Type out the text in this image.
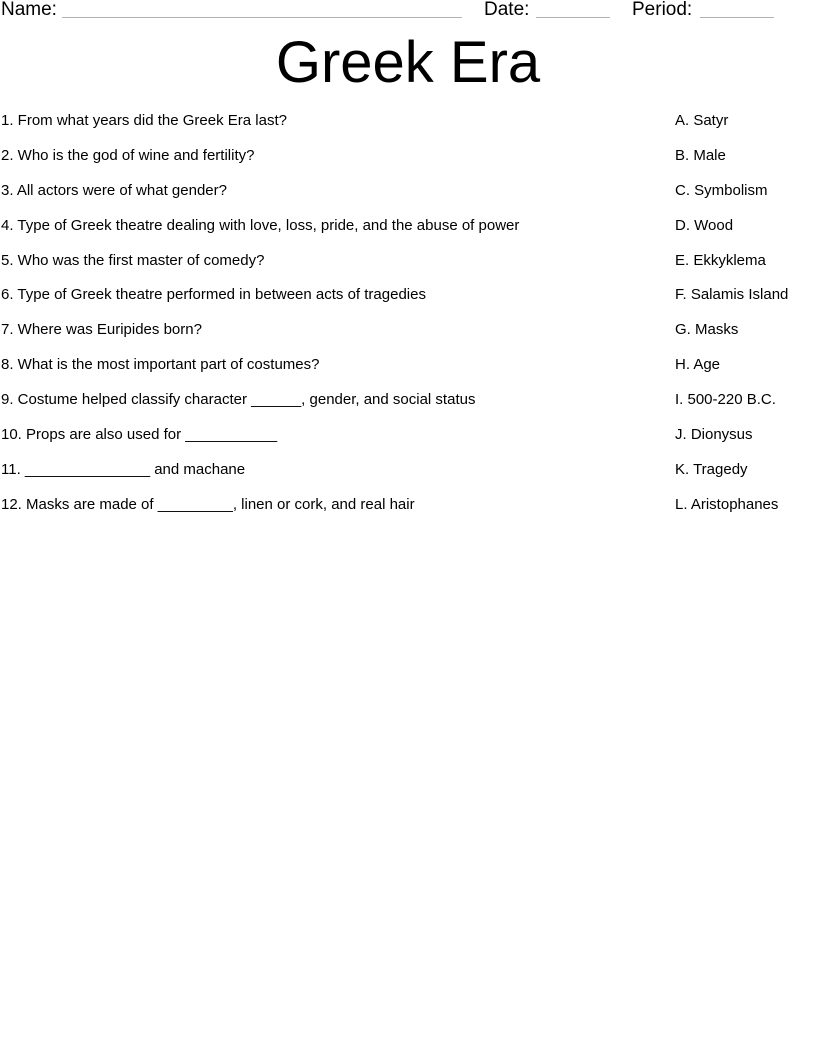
Name:	Date:	Period:
Greek Era
1. From what years did the Greek Era last?
2. Who is the god of wine and fertility?
3. All actors were of what gender?
4. Type of Greek theatre dealing with love, loss, pride, and the abuse of power
5. Who was the first master of comedy?
6. Type of Greek theatre performed in between acts of tragedies
7. Where was Euripides born?
8. What is the most important part of costumes?
9. Costume helped classify character ______, gender, and social status
10. Props are also used for ___________
11. _______________ and machane
12. Masks are made of _________, linen or cork, and real hair
A. Satyr
B. Male
C. Symbolism
D. Wood
E. Ekkyklema
F. Salamis Island
G. Masks
H. Age
I. 500-220 B.C.
J. Dionysus
K. Tragedy
L. Aristophanes
